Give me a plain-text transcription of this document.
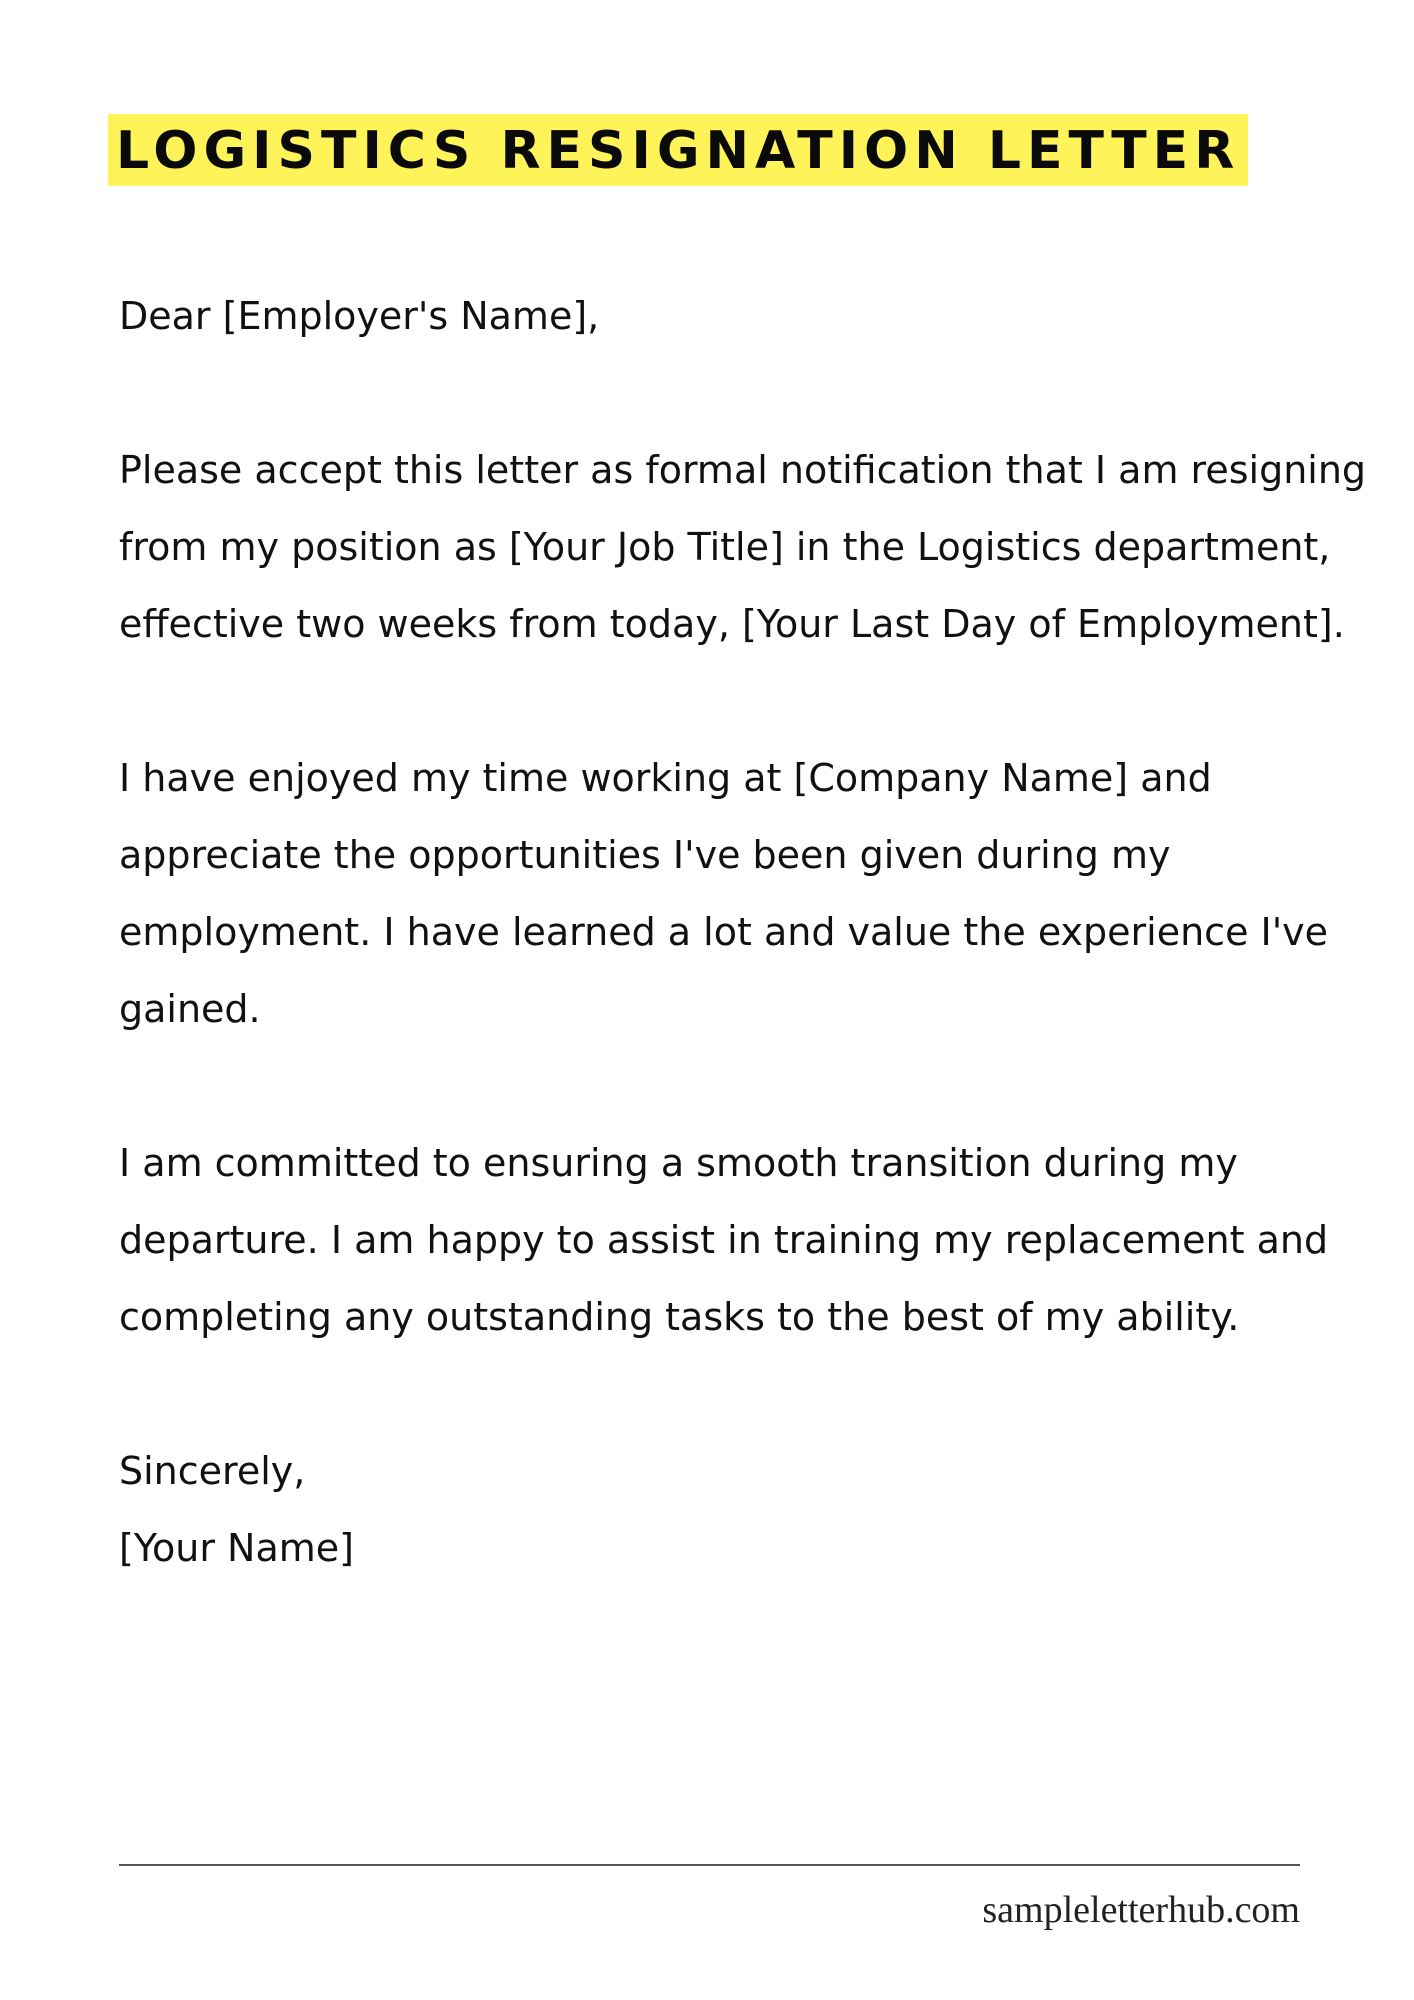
LOGISTICS RESIGNATION LETTER

Dear [Employer's Name],

Please accept this letter as formal notification that I am resigning from my position as [Your Job Title] in the Logistics department, effective two weeks from today, [Your Last Day of Employment].

I have enjoyed my time working at [Company Name] and appreciate the opportunities I've been given during my employment. I have learned a lot and value the experience I've gained.

I am committed to ensuring a smooth transition during my departure. I am happy to assist in training my replacement and completing any outstanding tasks to the best of my ability.

Sincerely,

[Your Name]

sampleletterhub.com
